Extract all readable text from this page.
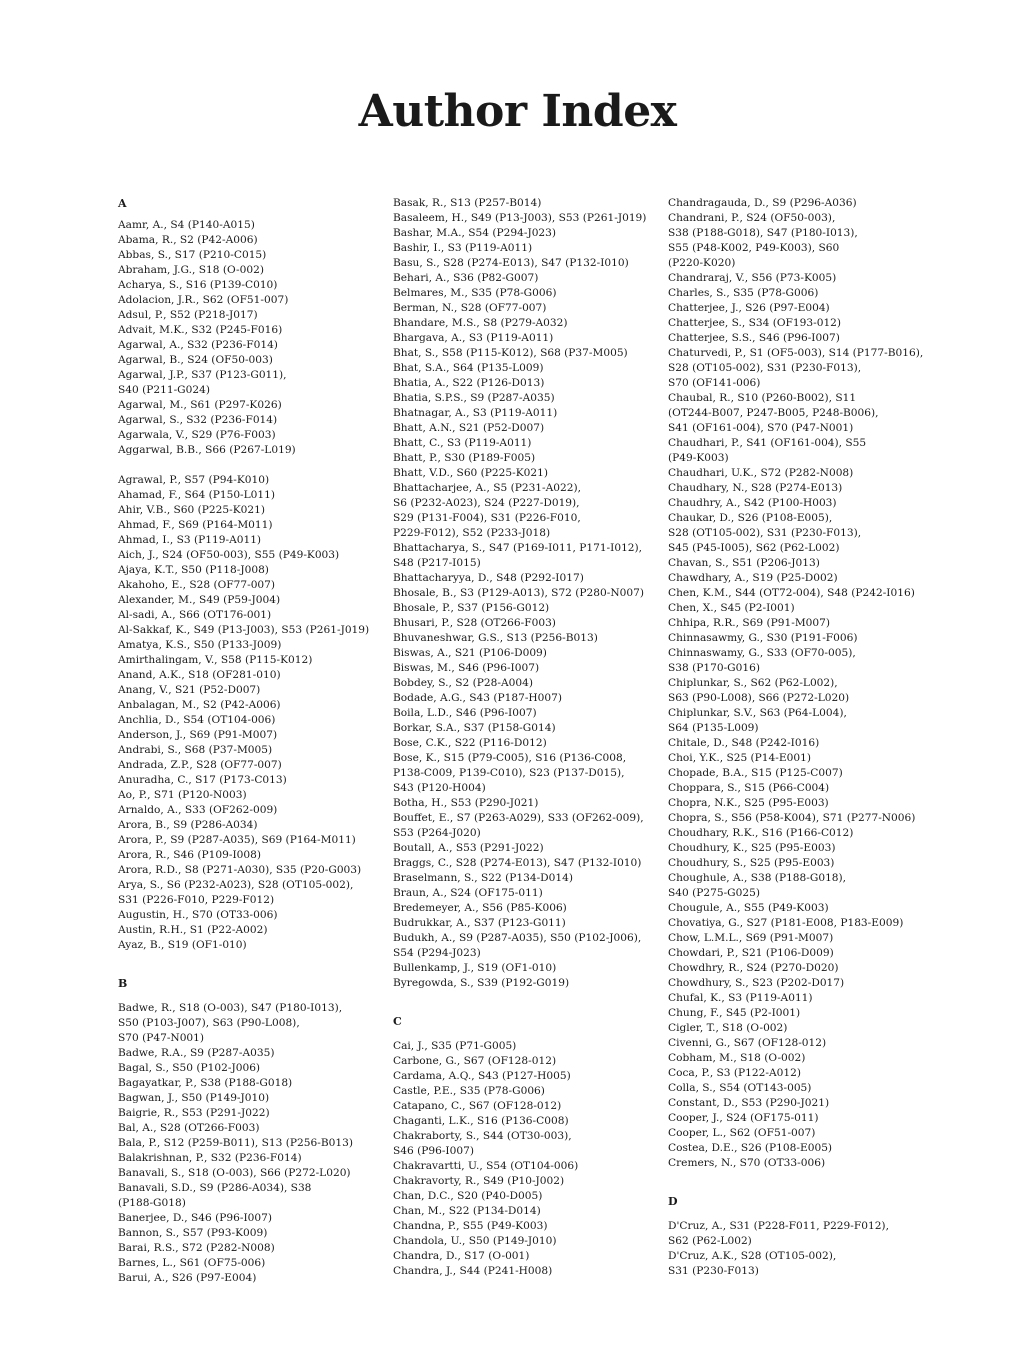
Author Index
A
Aamr, A., S4 (P140-A015)
Abama, R., S2 (P42-A006)
Abbas, S., S17 (P210-C015)
Abraham, J.G., S18 (O-002)
Acharya, S., S16 (P139-C010)
Adolacion, J.R., S62 (OF51-007)
Adsul, P., S52 (P218-J017)
Advait, M.K., S32 (P245-F016)
Agarwal, A., S32 (P236-F014)
Agarwal, B., S24 (OF50-003)
Agarwal, J.P., S37 (P123-G011),
S40 (P211-G024)
Agarwal, M., S61 (P297-K026)
Agarwal, S., S32 (P236-F014)
Agarwala, V., S29 (P76-F003)
Aggarwal, B.B., S66 (P267-L019)
Agrawal, P., S57 (P94-K010)
Ahamad, F., S64 (P150-L011)
Ahir, V.B., S60 (P225-K021)
Ahmad, F., S69 (P164-M011)
Ahmad, I., S3 (P119-A011)
Aich, J., S24 (OF50-003), S55 (P49-K003)
Ajaya, K.T., S50 (P118-J008)
Akahoho, E., S28 (OF77-007)
Alexander, M., S49 (P59-J004)
Al-sadi, A., S66 (OT176-001)
Al-Sakkaf, K., S49 (P13-J003), S53 (P261-J019)
Amatya, K.S., S50 (P133-J009)
Amirthalingam, V., S58 (P115-K012)
Anand, A.K., S18 (OF281-010)
Anang, V., S21 (P52-D007)
Anbalagan, M., S2 (P42-A006)
Anchlia, D., S54 (OT104-006)
Anderson, J., S69 (P91-M007)
Andrabi, S., S68 (P37-M005)
Andrada, Z.P., S28 (OF77-007)
Anuradha, C., S17 (P173-C013)
Ao, P., S71 (P120-N003)
Arnaldo, A., S33 (OF262-009)
Arora, B., S9 (P286-A034)
Arora, P., S9 (P287-A035), S69 (P164-M011)
Arora, R., S46 (P109-I008)
Arora, R.D., S8 (P271-A030), S35 (P20-G003)
Arya, S., S6 (P232-A023), S28 (OT105-002),
S31 (P226-F010, P229-F012)
Augustin, H., S70 (OT33-006)
Austin, R.H., S1 (P22-A002)
Ayaz, B., S19 (OF1-010)
B
Badwe, R., S18 (O-003), S47 (P180-I013),
S50 (P103-J007), S63 (P90-L008),
S70 (P47-N001)
Badwe, R.A., S9 (P287-A035)
Bagal, S., S50 (P102-J006)
Bagayatkar, P., S38 (P188-G018)
Bagwan, J., S50 (P149-J010)
Baigrie, R., S53 (P291-J022)
Bal, A., S28 (OT266-F003)
Bala, P., S12 (P259-B011), S13 (P256-B013)
Balakrishnan, P., S32 (P236-F014)
Banavali, S., S18 (O-003), S66 (P272-L020)
Banavali, S.D., S9 (P286-A034), S38
(P188-G018)
Banerjee, D., S46 (P96-I007)
Bannon, S., S57 (P93-K009)
Barai, R.S., S72 (P282-N008)
Barnes, L., S61 (OF75-006)
Barui, A., S26 (P97-E004)
Basak, R., S13 (P257-B014)
Basaleem, H., S49 (P13-J003), S53 (P261-J019)
Bashar, M.A., S54 (P294-J023)
Bashir, I., S3 (P119-A011)
Basu, S., S28 (P274-E013), S47 (P132-I010)
Behari, A., S36 (P82-G007)
Belmares, M., S35 (P78-G006)
Berman, N., S28 (OF77-007)
Bhandare, M.S., S8 (P279-A032)
Bhargava, A., S3 (P119-A011)
Bhat, S., S58 (P115-K012), S68 (P37-M005)
Bhat, S.A., S64 (P135-L009)
Bhatia, A., S22 (P126-D013)
Bhatia, S.P.S., S9 (P287-A035)
Bhatnagar, A., S3 (P119-A011)
Bhatt, A.N., S21 (P52-D007)
Bhatt, C., S3 (P119-A011)
Bhatt, P., S30 (P189-F005)
Bhatt, V.D., S60 (P225-K021)
Bhattacharjee, A., S5 (P231-A022),
S6 (P232-A023), S24 (P227-D019),
S29 (P131-F004), S31 (P226-F010,
P229-F012), S52 (P233-J018)
Bhattacharya, S., S47 (P169-I011, P171-I012),
S48 (P217-I015)
Bhattacharyya, D., S48 (P292-I017)
Bhosale, B., S3 (P129-A013), S72 (P280-N007)
Bhosale, P., S37 (P156-G012)
Bhusari, P., S28 (OT266-F003)
Bhuvaneshwar, G.S., S13 (P256-B013)
Biswas, A., S21 (P106-D009)
Biswas, M., S46 (P96-I007)
Bobdey, S., S2 (P28-A004)
Bodade, A.G., S43 (P187-H007)
Boila, L.D., S46 (P96-I007)
Borkar, S.A., S37 (P158-G014)
Bose, C.K., S22 (P116-D012)
Bose, K., S15 (P79-C005), S16 (P136-C008,
P138-C009, P139-C010), S23 (P137-D015),
S43 (P120-H004)
Botha, H., S53 (P290-J021)
Bouffet, E., S7 (P263-A029), S33 (OF262-009),
S53 (P264-J020)
Boutall, A., S53 (P291-J022)
Braggs, C., S28 (P274-E013), S47 (P132-I010)
Braselmann, S., S22 (P134-D014)
Braun, A., S24 (OF175-011)
Bredemeyer, A., S56 (P85-K006)
Budrukkar, A., S37 (P123-G011)
Budukh, A., S9 (P287-A035), S50 (P102-J006),
S54 (P294-J023)
Bullenkamp, J., S19 (OF1-010)
Byregowda, S., S39 (P192-G019)
C
Cai, J., S35 (P71-G005)
Carbone, G., S67 (OF128-012)
Cardama, A.Q., S43 (P127-H005)
Castle, P.E., S35 (P78-G006)
Catapano, C., S67 (OF128-012)
Chaganti, L.K., S16 (P136-C008)
Chakraborty, S., S44 (OT30-003),
S46 (P96-I007)
Chakravartti, U., S54 (OT104-006)
Chakravorty, R., S49 (P10-J002)
Chan, D.C., S20 (P40-D005)
Chan, M., S22 (P134-D014)
Chandna, P., S55 (P49-K003)
Chandola, U., S50 (P149-J010)
Chandra, D., S17 (O-001)
Chandra, J., S44 (P241-H008)
Chandragauda, D., S9 (P296-A036)
Chandrani, P., S24 (OF50-003),
S38 (P188-G018), S47 (P180-I013),
S55 (P48-K002, P49-K003), S60
(P220-K020)
Chandraraj, V., S56 (P73-K005)
Charles, S., S35 (P78-G006)
Chatterjee, J., S26 (P97-E004)
Chatterjee, S., S34 (OF193-012)
Chatterjee, S.S., S46 (P96-I007)
Chaturvedi, P., S1 (OF5-003), S14 (P177-B016),
S28 (OT105-002), S31 (P230-F013),
S70 (OF141-006)
Chaubal, R., S10 (P260-B002), S11
(OT244-B007, P247-B005, P248-B006),
S41 (OF161-004), S70 (P47-N001)
Chaudhari, P., S41 (OF161-004), S55
(P49-K003)
Chaudhari, U.K., S72 (P282-N008)
Chaudhary, N., S28 (P274-E013)
Chaudhry, A., S42 (P100-H003)
Chaukar, D., S26 (P108-E005),
S28 (OT105-002), S31 (P230-F013),
S45 (P45-I005), S62 (P62-L002)
Chavan, S., S51 (P206-J013)
Chawdhary, A., S19 (P25-D002)
Chen, K.M., S44 (OT72-004), S48 (P242-I016)
Chen, X., S45 (P2-I001)
Chhipa, R.R., S69 (P91-M007)
Chinnasawmy, G., S30 (P191-F006)
Chinnaswamy, G., S33 (OF70-005),
S38 (P170-G016)
Chiplunkar, S., S62 (P62-L002),
S63 (P90-L008), S66 (P272-L020)
Chiplunkar, S.V., S63 (P64-L004),
S64 (P135-L009)
Chitale, D., S48 (P242-I016)
Choi, Y.K., S25 (P14-E001)
Chopade, B.A., S15 (P125-C007)
Choppara, S., S15 (P66-C004)
Chopra, N.K., S25 (P95-E003)
Chopra, S., S56 (P58-K004), S71 (P277-N006)
Choudhary, R.K., S16 (P166-C012)
Choudhury, K., S25 (P95-E003)
Choudhury, S., S25 (P95-E003)
Choughule, A., S38 (P188-G018),
S40 (P275-G025)
Chougule, A., S55 (P49-K003)
Chovatiya, G., S27 (P181-E008, P183-E009)
Chow, L.M.L., S69 (P91-M007)
Chowdari, P., S21 (P106-D009)
Chowdhry, R., S24 (P270-D020)
Chowdhury, S., S23 (P202-D017)
Chufal, K., S3 (P119-A011)
Chung, F., S45 (P2-I001)
Cigler, T., S18 (O-002)
Civenni, G., S67 (OF128-012)
Cobham, M., S18 (O-002)
Coca, P., S3 (P122-A012)
Colla, S., S54 (OT143-005)
Constant, D., S53 (P290-J021)
Cooper, J., S24 (OF175-011)
Cooper, L., S62 (OF51-007)
Costea, D.E., S26 (P108-E005)
Cremers, N., S70 (OT33-006)
D
D'Cruz, A., S31 (P228-F011, P229-F012),
S62 (P62-L002)
D'Cruz, A.K., S28 (OT105-002),
S31 (P230-F013)
